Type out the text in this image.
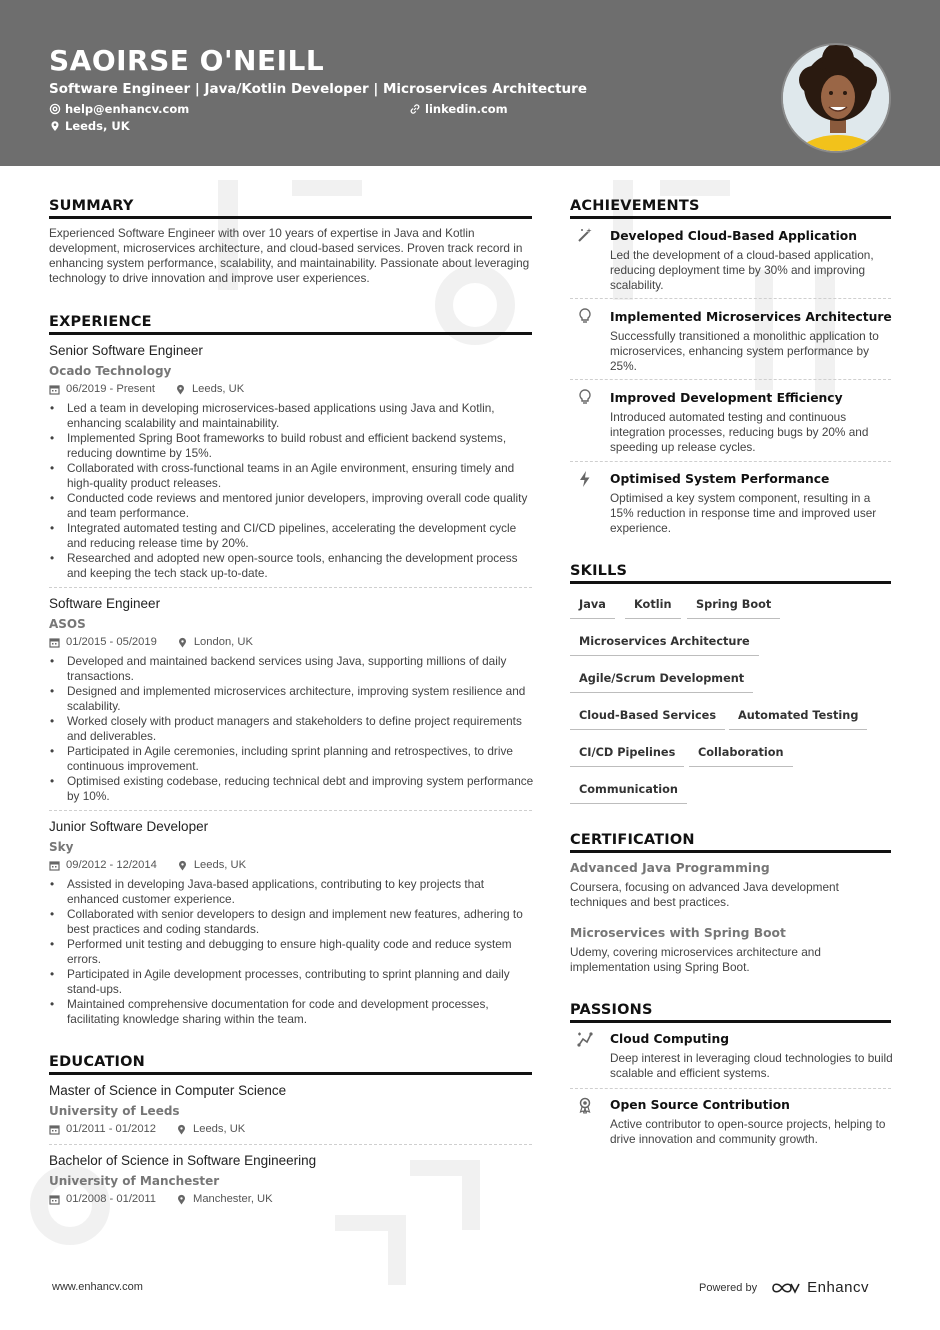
SAOIRSE O'NEILL
Software Engineer | Java/Kotlin Developer | Microservices Architecture
help@enhancv.com	linkedin.com
Leeds, UK
SUMMARY
Experienced Software Engineer with over 10 years of expertise in Java and Kotlin development, microservices architecture, and cloud-based services. Proven track record in enhancing system performance, scalability, and maintainability. Passionate about leveraging technology to drive innovation and improve user experiences.
EXPERIENCE
Senior Software Engineer
Ocado Technology
06/2019 - Present	Leeds, UK
• Led a team in developing microservices-based applications using Java and Kotlin, enhancing scalability and maintainability.
• Implemented Spring Boot frameworks to build robust and efficient backend systems, reducing downtime by 15%.
• Collaborated with cross-functional teams in an Agile environment, ensuring timely and high-quality product releases.
• Conducted code reviews and mentored junior developers, improving overall code quality and team performance.
• Integrated automated testing and CI/CD pipelines, accelerating the development cycle and reducing release time by 20%.
• Researched and adopted new open-source tools, enhancing the development process and keeping the tech stack up-to-date.
Software Engineer
ASOS
01/2015 - 05/2019	London, UK
• Developed and maintained backend services using Java, supporting millions of daily transactions.
• Designed and implemented microservices architecture, improving system resilience and scalability.
• Worked closely with product managers and stakeholders to define project requirements and deliverables.
• Participated in Agile ceremonies, including sprint planning and retrospectives, to drive continuous improvement.
• Optimised existing codebase, reducing technical debt and improving system performance by 10%.
Junior Software Developer
Sky
09/2012 - 12/2014	Leeds, UK
• Assisted in developing Java-based applications, contributing to key projects that enhanced customer experience.
• Collaborated with senior developers to design and implement new features, adhering to best practices and coding standards.
• Performed unit testing and debugging to ensure high-quality code and reduce system errors.
• Participated in Agile development processes, contributing to sprint planning and daily stand-ups.
• Maintained comprehensive documentation for code and development processes, facilitating knowledge sharing within the team.
EDUCATION
Master of Science in Computer Science
University of Leeds
01/2011 - 01/2012	Leeds, UK
Bachelor of Science in Software Engineering
University of Manchester
01/2008 - 01/2011	Manchester, UK
ACHIEVEMENTS
Developed Cloud-Based Application
Led the development of a cloud-based application, reducing deployment time by 30% and improving scalability.
Implemented Microservices Architecture
Successfully transitioned a monolithic application to microservices, enhancing system performance by 25%.
Improved Development Efficiency
Introduced automated testing and continuous integration processes, reducing bugs by 20% and speeding up release cycles.
Optimised System Performance
Optimised a key system component, resulting in a 15% reduction in response time and improved user experience.
SKILLS
Java	Kotlin	Spring Boot
Microservices Architecture
Agile/Scrum Development
Cloud-Based Services	Automated Testing
CI/CD Pipelines	Collaboration
Communication
CERTIFICATION
Advanced Java Programming
Coursera, focusing on advanced Java development techniques and best practices.
Microservices with Spring Boot
Udemy, covering microservices architecture and implementation using Spring Boot.
PASSIONS
Cloud Computing
Deep interest in leveraging cloud technologies to build scalable and efficient systems.
Open Source Contribution
Active contributor to open-source projects, helping to drive innovation and community growth.
www.enhancv.com	Powered by	Enhancv
